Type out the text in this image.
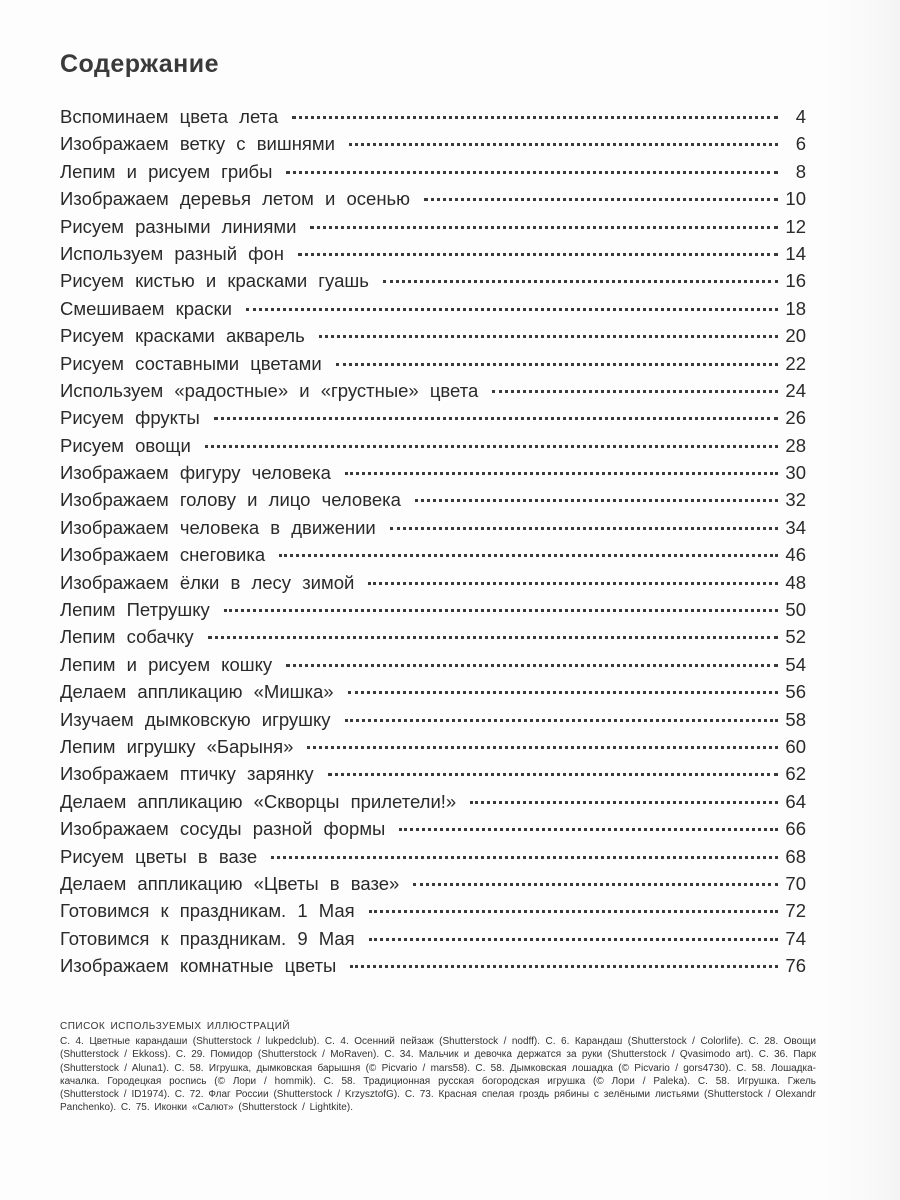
Содержание
Вспоминаем цвета лета	4
Изображаем ветку с вишнями	6
Лепим и рисуем грибы	8
Изображаем деревья летом и осенью	10
Рисуем разными линиями	12
Используем разный фон	14
Рисуем кистью и красками гуашь	16
Смешиваем краски	18
Рисуем красками акварель	20
Рисуем составными цветами	22
Используем «радостные» и «грустные» цвета	24
Рисуем фрукты	26
Рисуем овощи	28
Изображаем фигуру человека	30
Изображаем голову и лицо человека	32
Изображаем человека в движении	34
Изображаем снеговика	46
Изображаем ёлки в лесу зимой	48
Лепим Петрушку	50
Лепим собачку	52
Лепим и рисуем кошку	54
Делаем аппликацию «Мишка»	56
Изучаем дымковскую игрушку	58
Лепим игрушку «Барыня»	60
Изображаем птичку зарянку	62
Делаем аппликацию «Скворцы прилетели!»	64
Изображаем сосуды разной формы	66
Рисуем цветы в вазе	68
Делаем аппликацию «Цветы в вазе»	70
Готовимся к праздникам. 1 Мая	72
Готовимся к праздникам. 9 Мая	74
Изображаем комнатные цветы	76
СПИСОК ИСПОЛЬЗУЕМЫХ ИЛЛЮСТРАЦИЙ
С. 4. Цветные карандаши (Shutterstock / lukpedclub). С. 4. Осенний пейзаж (Shutterstock / nodff). С. 6. Карандаш (Shutterstock / Colorlife). С. 28. Овощи (Shutterstock / Ekkoss). С. 29. Помидор (Shutterstock / MoRaven). С. 34. Мальчик и девочка держатся за руки (Shutterstock / Qvasimodo art). С. 36. Парк (Shutterstock / Aluna1). С. 58. Игрушка, дымковская барышня (© Picvario / mars58). С. 58. Дымковская лошадка (© Picvario / gors4730). С. 58. Лошадка-качалка. Городецкая роспись (© Лори / hommik). С. 58. Традиционная русская богородская игрушка (© Лори / Paleka). С. 58. Игрушка. Гжель (Shutterstock / ID1974). С. 72. Флаг России (Shutterstock / KrzysztofG). С. 73. Красная спелая гроздь рябины с зелёными листьями (Shutterstock / Olexandr Panchenko). С. 75. Иконки «Салют» (Shutterstock / Lightkite).
